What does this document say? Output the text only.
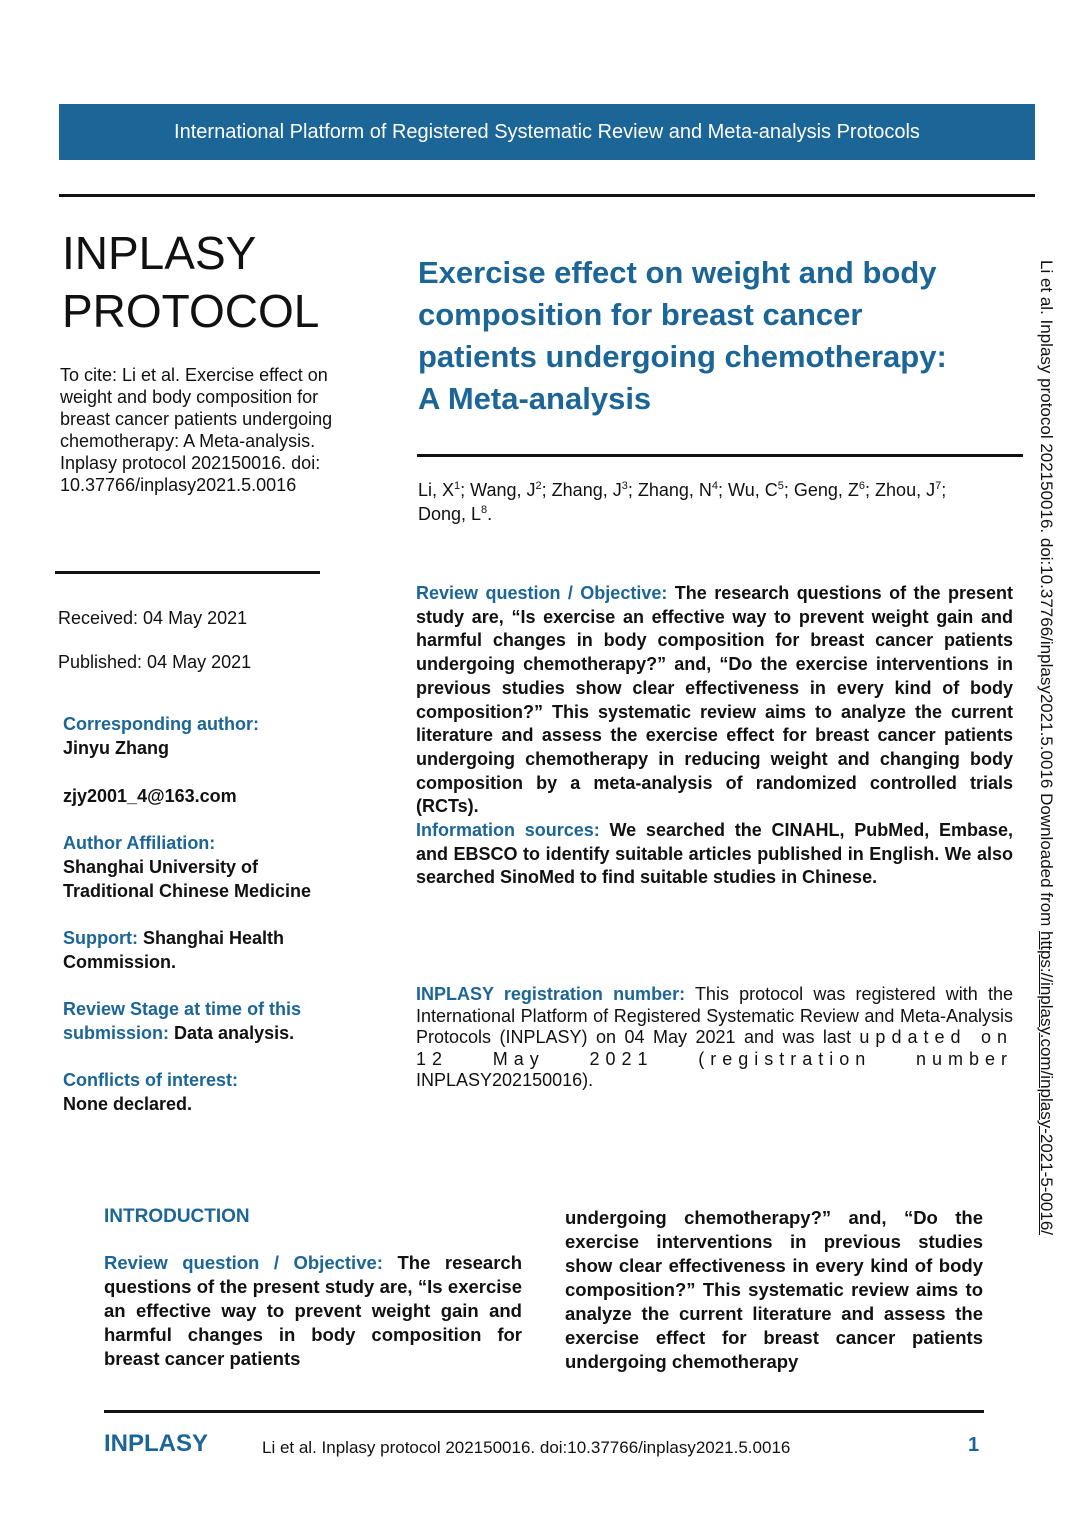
International Platform of Registered Systematic Review and Meta-analysis Protocols
INPLASY
PROTOCOL
To cite: Li et al. Exercise effect on weight and body composition for breast cancer patients undergoing chemotherapy: A Meta-analysis. Inplasy protocol 202150016. doi: 10.37766/inplasy2021.5.0016
Received: 04 May 2021
Published: 04 May 2021
Corresponding author:
Jinyu Zhang
zjy2001_4@163.com
Author Affiliation:
Shanghai University of
Traditional Chinese Medicine
Support: Shanghai Health
Commission.
Review Stage at time of this
submission: Data analysis.
Conflicts of interest:
None declared.
Exercise effect on weight and body
composition for breast cancer
patients undergoing chemotherapy:
A Meta-analysis
Li, $X^1$; Wang, $J^2$; Zhang, $J^3$; Zhang, $N^4$; Wu, $C^5$; Geng, $Z^6$; Zhou, $J^7$;
Dong, $L^8$.
Review question / Objective: The research questions of the present study are, “Is exercise an effective way to prevent weight gain and harmful changes in body composition for breast cancer patients undergoing chemotherapy?” and, “Do the exercise interventions in previous studies show clear effectiveness in every kind of body composition?” This systematic review aims to analyze the current literature and assess the exercise effect for breast cancer patients undergoing chemotherapy in reducing weight and changing body composition by a meta-analysis of randomized controlled trials (RCTs).
Information sources: We searched the CINAHL, PubMed, Embase, and EBSCO to identify suitable articles published in English. We also searched SinoMed to find suitable studies in Chinese.
INPLASY registration number: This protocol was registered with the International Platform of Registered Systematic Review and Meta-Analysis Protocols (INPLASY) on 04 May 2021 and was last updated on 12 May 2021 (registration number INPLASY202150016).
Li et al. Inplasy protocol 202150016. doi:10.37766/inplasy2021.5.0016 Downloaded from https://inplasy.com/inplasy-2021-5-0016/
INTRODUCTION
Review question / Objective: The research questions of the present study are, “Is exercise an effective way to prevent weight gain and harmful changes in body composition for breast cancer patients
undergoing chemotherapy?” and, “Do the exercise interventions in previous studies show clear effectiveness in every kind of body composition?” This systematic review aims to analyze the current literature and assess the exercise effect for breast cancer patients undergoing chemotherapy
INPLASY	Li et al. Inplasy protocol 202150016. doi:10.37766/inplasy2021.5.0016	1
